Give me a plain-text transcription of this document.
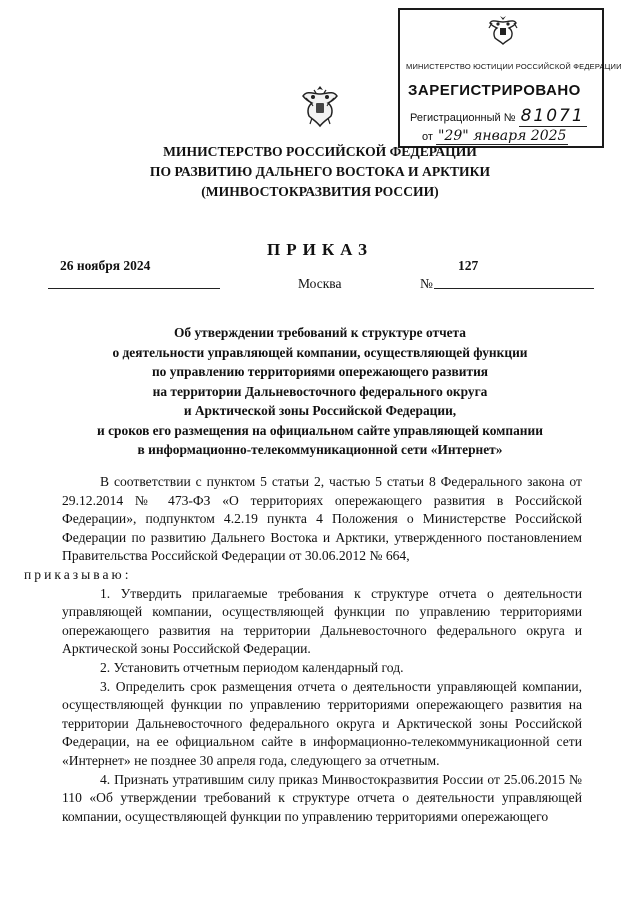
МИНИСТЕРСТВО ЮСТИЦИИ РОССИЙСКОЙ ФЕДЕРАЦИИ
ЗАРЕГИСТРИРОВАНО
Регистрационный № 81071
от "29" января 2025
МИНИСТЕРСТВО РОССИЙСКОЙ ФЕДЕРАЦИИ
ПО РАЗВИТИЮ ДАЛЬНЕГО ВОСТОКА И АРКТИКИ
(МИНВОСТОКРАЗВИТИЯ РОССИИ)
ПРИКАЗ
26 ноября 2024	127
Москва	№
Об утверждении требований к структуре отчета
о деятельности управляющей компании, осуществляющей функции
по управлению территориями опережающего развития
на территории Дальневосточного федерального округа
и Арктической зоны Российской Федерации,
и сроков его размещения на официальном сайте управляющей компании
в информационно-телекоммуникационной сети «Интернет»

В соответствии с пунктом 5 статьи 2, частью 5 статьи 8 Федерального закона от 29.12.2014 № 473-ФЗ «О территориях опережающего развития в Российской Федерации», подпунктом 4.2.19 пункта 4 Положения о Министерстве Российской Федерации по развитию Дальнего Востока и Арктики, утвержденного постановлением Правительства Российской Федерации от 30.06.2012 № 664,
приказываю:

1. Утвердить прилагаемые требования к структуре отчета о деятельности управляющей компании, осуществляющей функции по управлению территориями опережающего развития на территории Дальневосточного федерального округа и Арктической зоны Российской Федерации.

2. Установить отчетным периодом календарный год.

3. Определить срок размещения отчета о деятельности управляющей компании, осуществляющей функции по управлению территориями опережающего развития на территории Дальневосточного федерального округа и Арктической зоны Российской Федерации, на ее официальном сайте в информационно-телекоммуникационной сети «Интернет» не позднее 30 апреля года, следующего за отчетным.

4. Признать утратившим силу приказ Минвостокразвития России от 25.06.2015 № 110 «Об утверждении требований к структуре отчета о деятельности управляющей компании, осуществляющей функции по управлению территориями опережающего
